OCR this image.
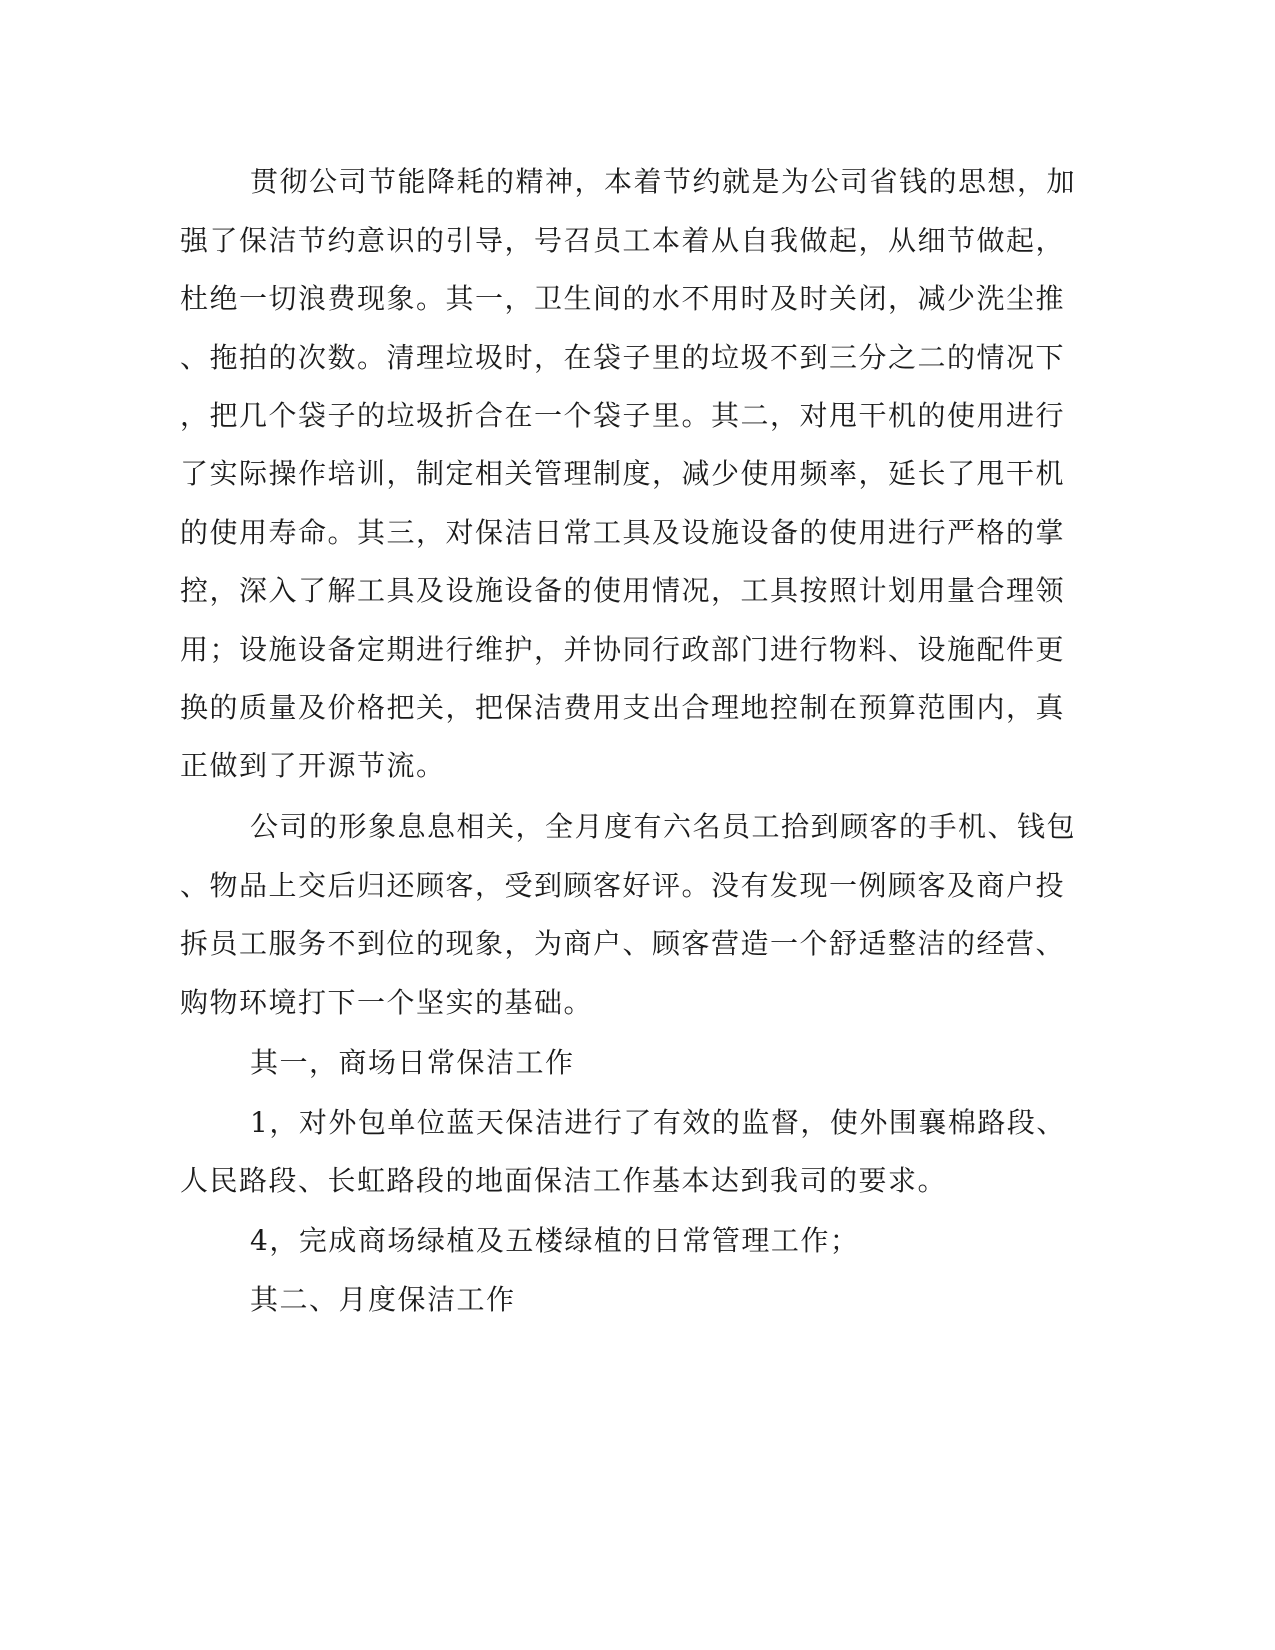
贯彻公司节能降耗的精神，本着节约就是为公司省钱的思想，加
强了保洁节约意识的引导，号召员工本着从自我做起，从细节做起，
杜绝一切浪费现象。其一，卫生间的水不用时及时关闭，减少洗尘推
、拖拍的次数。清理垃圾时，在袋子里的垃圾不到三分之二的情况下
，把几个袋子的垃圾折合在一个袋子里。其二，对甩干机的使用进行
了实际操作培训，制定相关管理制度，减少使用频率，延长了甩干机
的使用寿命。其三，对保洁日常工具及设施设备的使用进行严格的掌
控，深入了解工具及设施设备的使用情况，工具按照计划用量合理领
用；设施设备定期进行维护，并协同行政部门进行物料、设施配件更
换的质量及价格把关，把保洁费用支出合理地控制在预算范围内，真
正做到了开源节流。
公司的形象息息相关，全月度有六名员工拾到顾客的手机、钱包
、物品上交后归还顾客，受到顾客好评。没有发现一例顾客及商户投
拆员工服务不到位的现象，为商户、顾客营造一个舒适整洁的经营、
购物环境打下一个坚实的基础。
其一，商场日常保洁工作
1，对外包单位蓝天保洁进行了有效的监督，使外围襄棉路段、
人民路段、长虹路段的地面保洁工作基本达到我司的要求。
4，完成商场绿植及五楼绿植的日常管理工作；
其二、月度保洁工作
